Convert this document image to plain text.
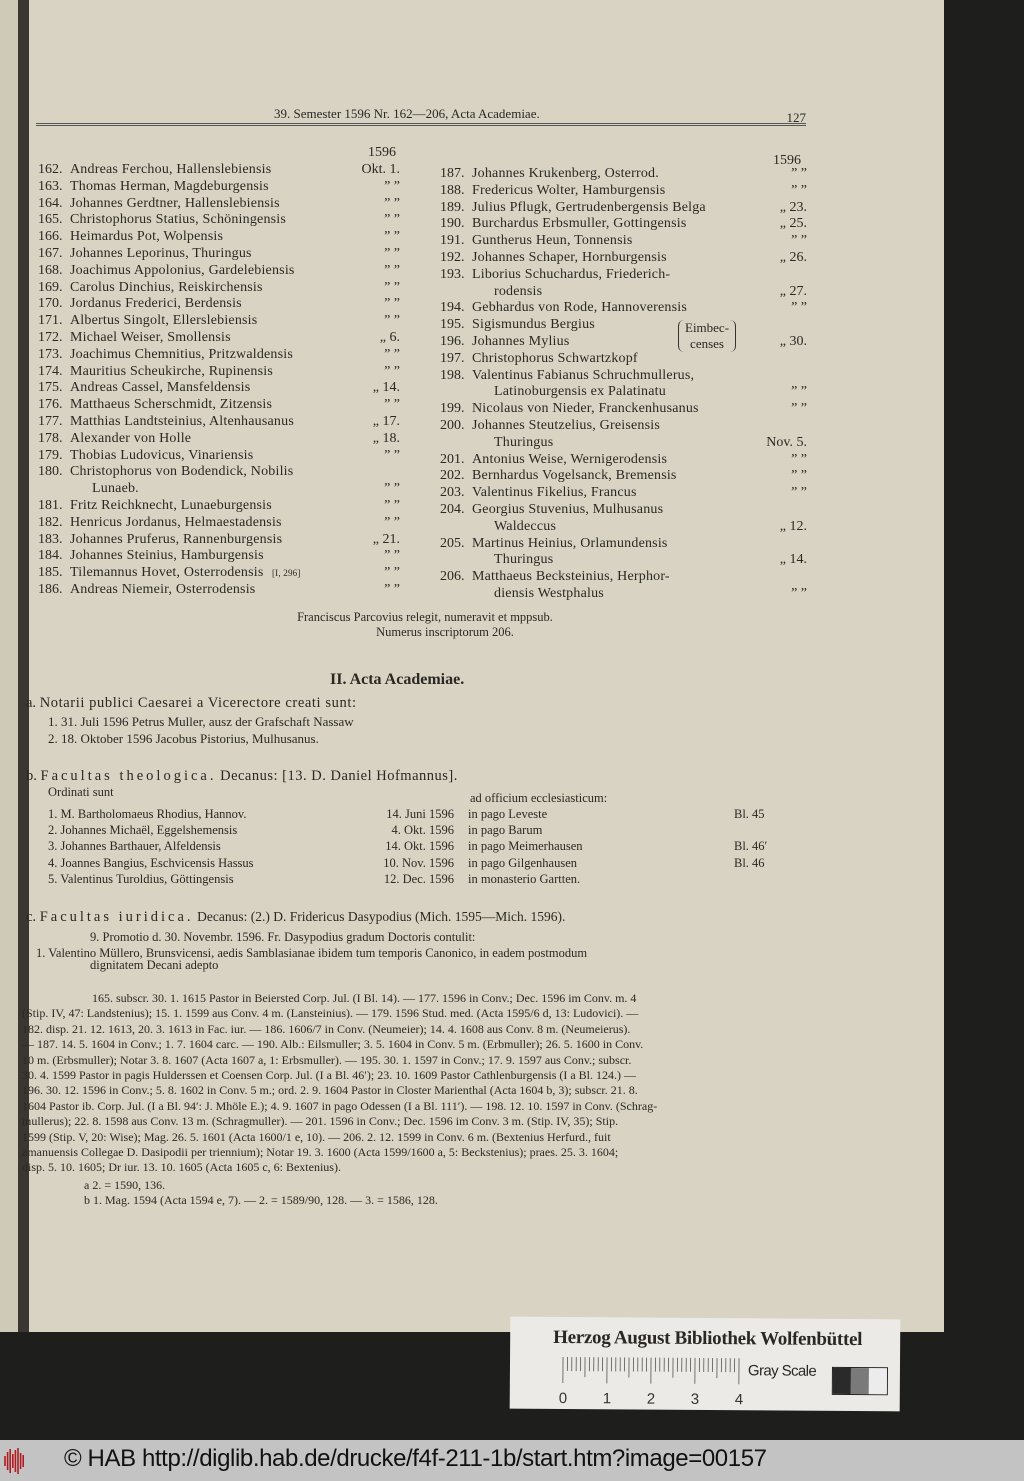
39. Semester 1596 Nr. 162—206, Acta Academiae.	127
1596
162. Andreas Ferchou, Hallenslebiensis	Okt. 1.
163. Thomas Herman, Magdeburgensis	” ”
164. Johannes Gerdtner, Hallenslebiensis	” ”
165. Christophorus Statius, Schöningensis	” ”
166. Heimardus Pot, Wolpensis	” ”
167. Johannes Leporinus, Thuringus	” ”
168. Joachimus Appolonius, Gardelebiensis	” ”
169. Carolus Dinchius, Reiskirchensis	” ”
170. Jordanus Frederici, Berdensis	” ”
171. Albertus Singolt, Ellerslebiensis	” ”
172. Michael Weiser, Smollensis	„ 6.
173. Joachimus Chemnitius, Pritzwaldensis	” ”
174. Mauritius Scheukirche, Rupinensis	” ”
175. Andreas Cassel, Mansfeldensis	„ 14.
176. Matthaeus Scherschmidt, Zitzensis	” ”
177. Matthias Landtsteinius, Altenhausanus	„ 17.
178. Alexander von Holle	„ 18.
179. Thobias Ludovicus, Vinariensis	” ”
180. Christophorus von Bodendick, Nobilis
Lunaeb.	” ”
181. Fritz Reichknecht, Lunaeburgensis	” ”
182. Henricus Jordanus, Helmaestadensis	” ”
183. Johannes Pruferus, Rannenburgensis	„ 21.
184. Johannes Steinius, Hamburgensis	” ”
185. Tilemannus Hovet, Osterrodensis [I, 296]	” ”
186. Andreas Niemeir, Osterrodensis	” ”
1596
187. Johannes Krukenberg, Osterrod.	” ”
188. Fredericus Wolter, Hamburgensis	” ”
189. Julius Pflugk, Gertrudenbergensis Belga	„ 23.
190. Burchardus Erbsmuller, Gottingensis	„ 25.
191. Guntherus Heun, Tonnensis	” ”
192. Johannes Schaper, Hornburgensis	„ 26.
193. Liborius Schuchardus, Friederich-
rodensis	„ 27.
194. Gebhardus von Rode, Hannoverensis	” ”
195. Sigismundus Bergius
196. Johannes Mylius	„ 30.
197. Christophorus Schwartzkopf
Eimbec-
censes
198. Valentinus Fabianus Schruchmullerus,
Latinoburgensis ex Palatinatu	” ”
199. Nicolaus von Nieder, Franckenhusanus	” ”
200. Johannes Steutzelius, Greisensis
Thuringus	Nov. 5.
201. Antonius Weise, Wernigerodensis	” ”
202. Bernhardus Vogelsanck, Bremensis	” ”
203. Valentinus Fikelius, Francus	” ”
204. Georgius Stuvenius, Mulhusanus
Waldeccus	„ 12.
205. Martinus Heinius, Orlamundensis
Thuringus	„ 14.
206. Matthaeus Becksteinius, Herphor-
diensis Westphalus	” ”
Franciscus Parcovius relegit, numeravit et mppsub.
Numerus inscriptorum 206.
II. Acta Academiae.
a. Notarii publici Caesarei a Vicerectore creati sunt:
1. 31. Juli 1596 Petrus Muller, ausz der Grafschaft Nassaw
2. 18. Oktober 1596 Jacobus Pistorius, Mulhusanus.
b. Facultas theologica. Decanus: [13. D. Daniel Hofmannus].
Ordinati sunt	ad officium ecclesiasticum:
1. M. Bartholomaeus Rhodius, Hannov.	14. Juni 1596	in pago Leveste	Bl. 45
2. Johannes Michaël, Eggelshemensis	4. Okt. 1596	in pago Barum
3. Johannes Barthauer, Alfeldensis	14. Okt. 1596	in pago Meimerhausen	Bl. 46′
4. Joannes Bangius, Eschvicensis Hassus	10. Nov. 1596	in pago Gilgenhausen	Bl. 46
5. Valentinus Turoldius, Göttingensis	12. Dec. 1596	in monasterio Gartten.
c. Facultas iuridica. Decanus: (2.) D. Fridericus Dasypodius (Mich. 1595—Mich. 1596).
9. Promotio d. 30. Novembr. 1596. Fr. Dasypodius gradum Doctoris contulit:
1. Valentino Müllero, Brunsvicensi, aedis Samblasianae ibidem tum temporis Canonico, in eadem postmodum
dignitatem Decani adepto
165. subscr. 30. 1. 1615 Pastor in Beiersted Corp. Jul. (I Bl. 14). — 177. 1596 in Conv.; Dec. 1596 im Conv. m. 4
(Stip. IV, 47: Landstenius); 15. 1. 1599 aus Conv. 4 m. (Lansteinius). — 179. 1596 Stud. med. (Acta 1595/6 d, 13: Ludovici). —
182. disp. 21. 12. 1613, 20. 3. 1613 in Fac. iur. — 186. 1606/7 in Conv. (Neumeier); 14. 4. 1608 aus Conv. 8 m. (Neumeierus).
— 187. 14. 5. 1604 in Conv.; 1. 7. 1604 carc. — 190. Alb.: Eilsmuller; 3. 5. 1604 in Conv. 5 m. (Erbmuller); 26. 5. 1600 in Conv.
10 m. (Erbsmuller); Notar 3. 8. 1607 (Acta 1607 a, 1: Erbsmuller). — 195. 30. 1. 1597 in Conv.; 17. 9. 1597 aus Conv.; subscr.
30. 4. 1599 Pastor in pagis Hulderssen et Coensen Corp. Jul. (I a Bl. 46′); 23. 10. 1609 Pastor Cathlenburgensis (I a Bl. 124.) —
196. 30. 12. 1596 in Conv.; 5. 8. 1602 in Conv. 5 m.; ord. 2. 9. 1604 Pastor in Closter Marienthal (Acta 1604 b, 3); subscr. 21. 8.
1604 Pastor ib. Corp. Jul. (I a Bl. 94′: J. Mhöle E.); 4. 9. 1607 in pago Odessen (I a Bl. 111′). — 198. 12. 10. 1597 in Conv. (Schrag-
mullerus); 22. 8. 1598 aus Conv. 13 m. (Schragmuller). — 201. 1596 in Conv.; Dec. 1596 im Conv. 3 m. (Stip. IV, 35); Stip.
1599 (Stip. V, 20: Wise); Mag. 26. 5. 1601 (Acta 1600/1 e, 10). — 206. 2. 12. 1599 in Conv. 6 m. (Bextenius Herfurd., fuit
amanuensis Collegae D. Dasipodii per triennium); Notar 19. 3. 1600 (Acta 1599/1600 a, 5: Beckstenius); praes. 25. 3. 1604;
disp. 5. 10. 1605; Dr iur. 13. 10. 1605 (Acta 1605 c, 6: Bextenius).
a 2. = 1590, 136.
b 1. Mag. 1594 (Acta 1594 e, 7). — 2. = 1589/90, 128. — 3. = 1586, 128.
Herzog August Bibliothek Wolfenbüttel
0 1 2 3 4
Gray Scale
© HAB http://diglib.hab.de/drucke/f4f-211-1b/start.htm?image=00157
